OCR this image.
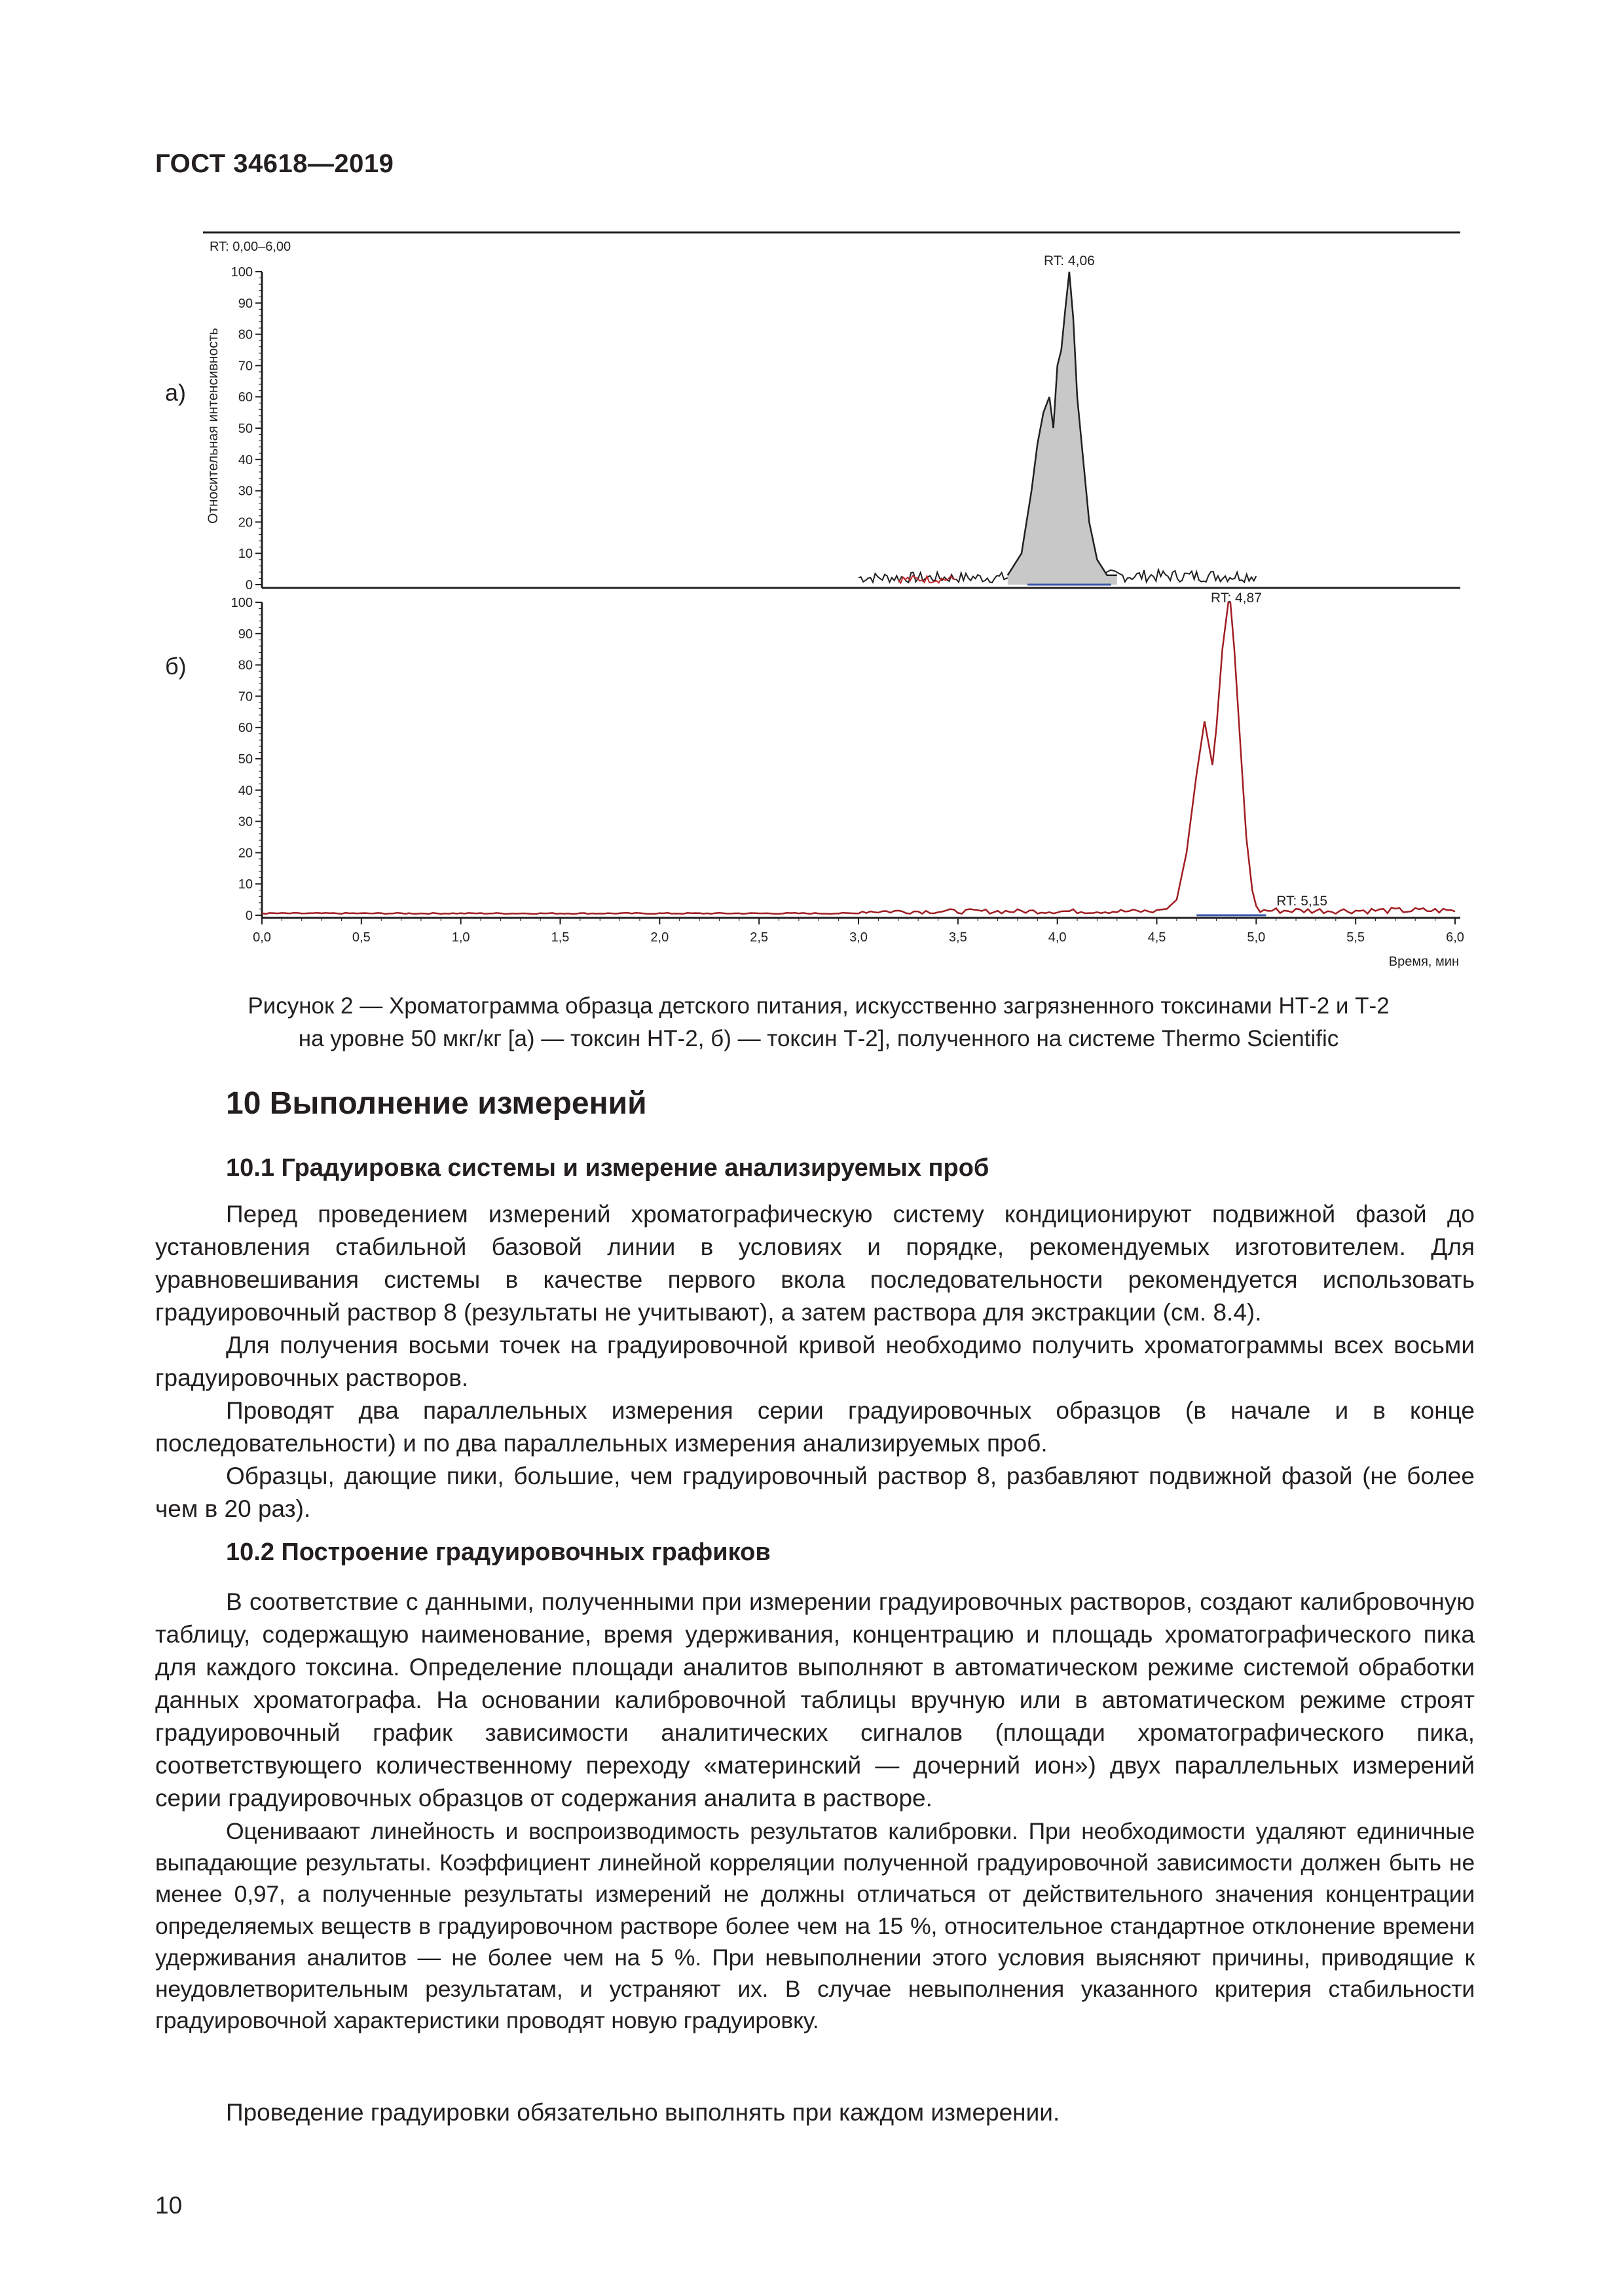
ГОСТ 34618—2019
RT: 0,00–6,00
а)
б)
Относительная интенсивность
100
90
80
70
60
50
40
30
20
10
0
100
90
80
70
60
50
40
30
20
10
0
0,0	0,5	1,0	1,5	2,0	2,5	3,0	3,5	4,0	4,5	5,0	5,5	6,0
RT: 4,06
RT: 4,87
RT: 5,15
Время, мин
Рисунок 2 — Хроматограмма образца детского питания, искусственно загрязненного токсинами НТ-2 и Т-2
на уровне 50 мкг/кг [а) — токсин НТ-2, б) — токсин Т-2], полученного на системе Thermo Scientific
10 Выполнение измерений
10.1 Градуировка системы и измерение анализируемых проб

Перед проведением измерений хроматографическую систему кондиционируют подвижной фазой до установления стабильной базовой линии в условиях и порядке, рекомендуемых изготовителем. Для уравновешивания системы в качестве первого вкола последовательности рекомендуется использовать градуировочный раствор 8 (результаты не учитывают), а затем раствора для экстракции (см. 8.4).

Для получения восьми точек на градуировочной кривой необходимо получить хроматограммы всех восьми градуировочных растворов.

Проводят два параллельных измерения серии градуировочных образцов (в начале и в конце последовательности) и по два параллельных измерения анализируемых проб.

Образцы, дающие пики, большие, чем градуировочный раствор 8, разбавляют подвижной фазой (не более чем в 20 раз).

10.2 Построение градуировочных графиков

В соответствие с данными, полученными при измерении градуировочных растворов, создают калибровочную таблицу, содержащую наименование, время удерживания, концентрацию и площадь хроматографического пика для каждого токсина. Определение площади аналитов выполняют в автоматическом режиме системой обработки данных хроматографа. На основании калибровочной таблицы вручную или в автоматическом режиме строят градуировочный график зависимости аналитических сигналов (площади хроматографического пика, соответствующего количественному переходу «материнский — дочерний ион») двух параллельных измерений серии градуировочных образцов от содержания аналита в растворе.

Оцениваают линейность и воспроизводимость результатов калибровки. При необходимости удаляют единичные выпадающие результаты. Коэффициент линейной корреляции полученной градуировочной зависимости должен быть не менее 0,97, а полученные результаты измерений не должны отличаться от действительного значения концентрации определяемых веществ в градуировочном растворе более чем на 15 %, относительное стандартное отклонение времени удерживания аналитов — не более чем на 5 %. При невыполнении этого условия выясняют причины, приводящие к неудовлетворительным результатам, и устраняют их. В случае невыполнения указанного критерия стабильности градуировочной характеристики проводят новую градуировку.

Проведение градуировки обязательно выполнять при каждом измерении.

10
